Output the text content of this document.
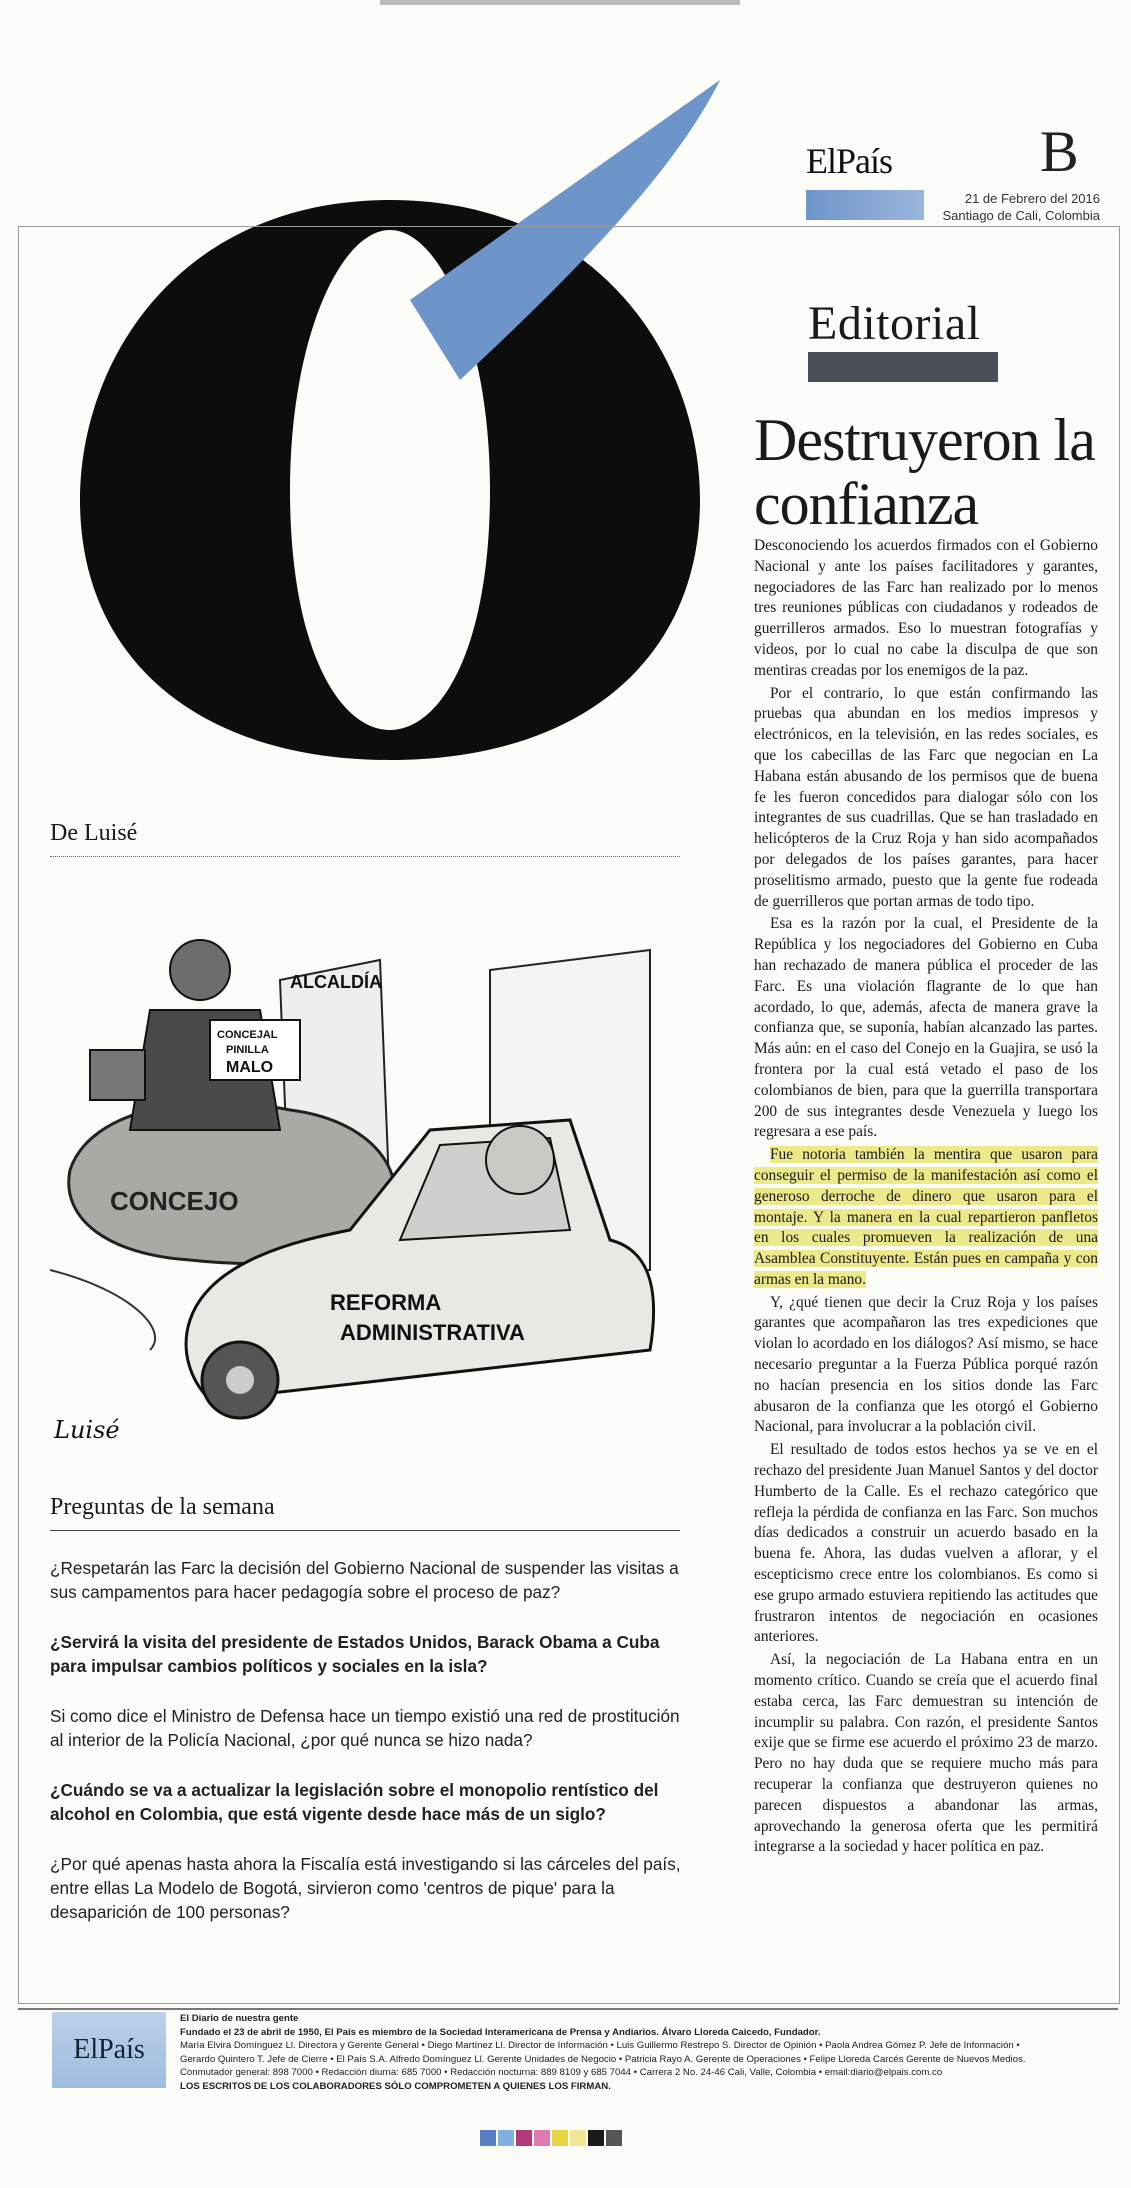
ElPaís	B
21 de Febrero del 2016
Santiago de Cali, Colombia
Editorial
Destruyeron la confianza

Desconociendo los acuerdos firmados con el Gobierno Nacional y ante los países facilitadores y garantes, negociadores de las Farc han realizado por lo menos tres reuniones públicas con ciudadanos y rodeados de guerrilleros armados. Eso lo muestran fotografías y videos, por lo cual no cabe la disculpa de que son mentiras creadas por los enemigos de la paz.

Por el contrario, lo que están confirmando las pruebas qua abundan en los medios impresos y electrónicos, en la televisión, en las redes sociales, es que los cabecillas de las Farc que negocian en La Habana están abusando de los permisos que de buena fe les fueron concedidos para dialogar sólo con los integrantes de sus cuadrillas. Que se han trasladado en helicópteros de la Cruz Roja y han sido acompañados por delegados de los países garantes, para hacer proselitismo armado, puesto que la gente fue rodeada de guerrilleros que portan armas de todo tipo.

Esa es la razón por la cual, el Presidente de la República y los negociadores del Gobierno en Cuba han rechazado de manera pública el proceder de las Farc. Es una violación flagrante de lo que han acordado, lo que, además, afecta de manera grave la confianza que, se suponía, habían alcanzado las partes. Más aún: en el caso del Conejo en la Guajira, se usó la frontera por la cual está vetado el paso de los colombianos de bien, para que la guerrilla transportara 200 de sus integrantes desde Venezuela y luego los regresara a ese país.

Fue notoria también la mentira que usaron para conseguir el permiso de la manifestación así como el generoso derroche de dinero que usaron para el montaje. Y la manera en la cual repartieron panfletos en los cuales promueven la realización de una Asamblea Constituyente. Están pues en campaña y con armas en la mano.

Y, ¿qué tienen que decir la Cruz Roja y los países garantes que acompañaron las tres expediciones que violan lo acordado en los diálogos? Así mismo, se hace necesario preguntar a la Fuerza Pública porqué razón no hacían presencia en los sitios donde las Farc abusaron de la confianza que les otorgó el Gobierno Nacional, para involucrar a la población civil.

El resultado de todos estos hechos ya se ve en el rechazo del presidente Juan Manuel Santos y del doctor Humberto de la Calle. Es el rechazo categórico que refleja la pérdida de confianza en las Farc. Son muchos días dedicados a construir un acuerdo basado en la buena fe. Ahora, las dudas vuelven a aflorar, y el escepticismo crece entre los colombianos. Es como si ese grupo armado estuviera repitiendo las actitudes que frustraron intentos de negociación en ocasiones anteriores.

Así, la negociación de La Habana entra en un momento crítico. Cuando se creía que el acuerdo final estaba cerca, las Farc demuestran su intención de incumplir su palabra. Con razón, el presidente Santos exije que se firme ese acuerdo el próximo 23 de marzo. Pero no hay duda que se requiere mucho más para recuperar la confianza que destruyeron quienes no parecen dispuestos a abandonar las armas, aprovechando la generosa oferta que les permitirá integrarse a la sociedad y hacer política en paz.

De Luisé
ALCALDÍA
CONCEJO
CONCEJAL
PINILLA
MALO
REFORMA
ADMINISTRATIVA
Luisé
Preguntas de la semana

¿Respetarán las Farc la decisión del Gobierno Nacional de suspender las visitas a sus campamentos para hacer pedagogía sobre el proceso de paz?

¿Servirá la visita del presidente de Estados Unidos, Barack Obama a Cuba para impulsar cambios políticos y sociales en la isla?

Si como dice el Ministro de Defensa hace un tiempo existió una red de prostitución al interior de la Policía Nacional, ¿por qué nunca se hizo nada?

¿Cuándo se va a actualizar la legislación sobre el monopolio rentístico del alcohol en Colombia, que está vigente desde hace más de un siglo?

¿Por qué apenas hasta ahora la Fiscalía está investigando si las cárceles del país, entre ellas La Modelo de Bogotá, sirvieron como 'centros de pique' para la desaparición de 100 personas?

ElPaís
El Diario de nuestra gente
Fundado el 23 de abril de 1950, El País es miembro de la Sociedad Interamericana de Prensa y Andiarios. Álvaro Lloreda Caicedo, Fundador.
María Elvira Domínguez Ll. Directora y Gerente General • Diego Martínez Ll. Director de Información • Luis Guillermo Restrepo S. Director de Opinión • Paola Andrea Gómez P. Jefe de Información •
Gerardo Quintero T. Jefe de Cierre • El País S.A. Alfredo Domínguez Ll. Gerente Unidades de Negocio • Patricia Rayo A. Gerente de Operaciones • Felipe Lloreda Carcés Gerente de Nuevos Medios.
Conmutador general: 898 7000 • Redacción diurna: 685 7000 • Redacción nocturna: 889 8109 y 685 7044 • Carrera 2 No. 24-46 Cali, Valle, Colombia • email:diario@elpais.com.co
LOS ESCRITOS DE LOS COLABORADORES SÓLO COMPROMETEN A QUIENES LOS FIRMAN.
